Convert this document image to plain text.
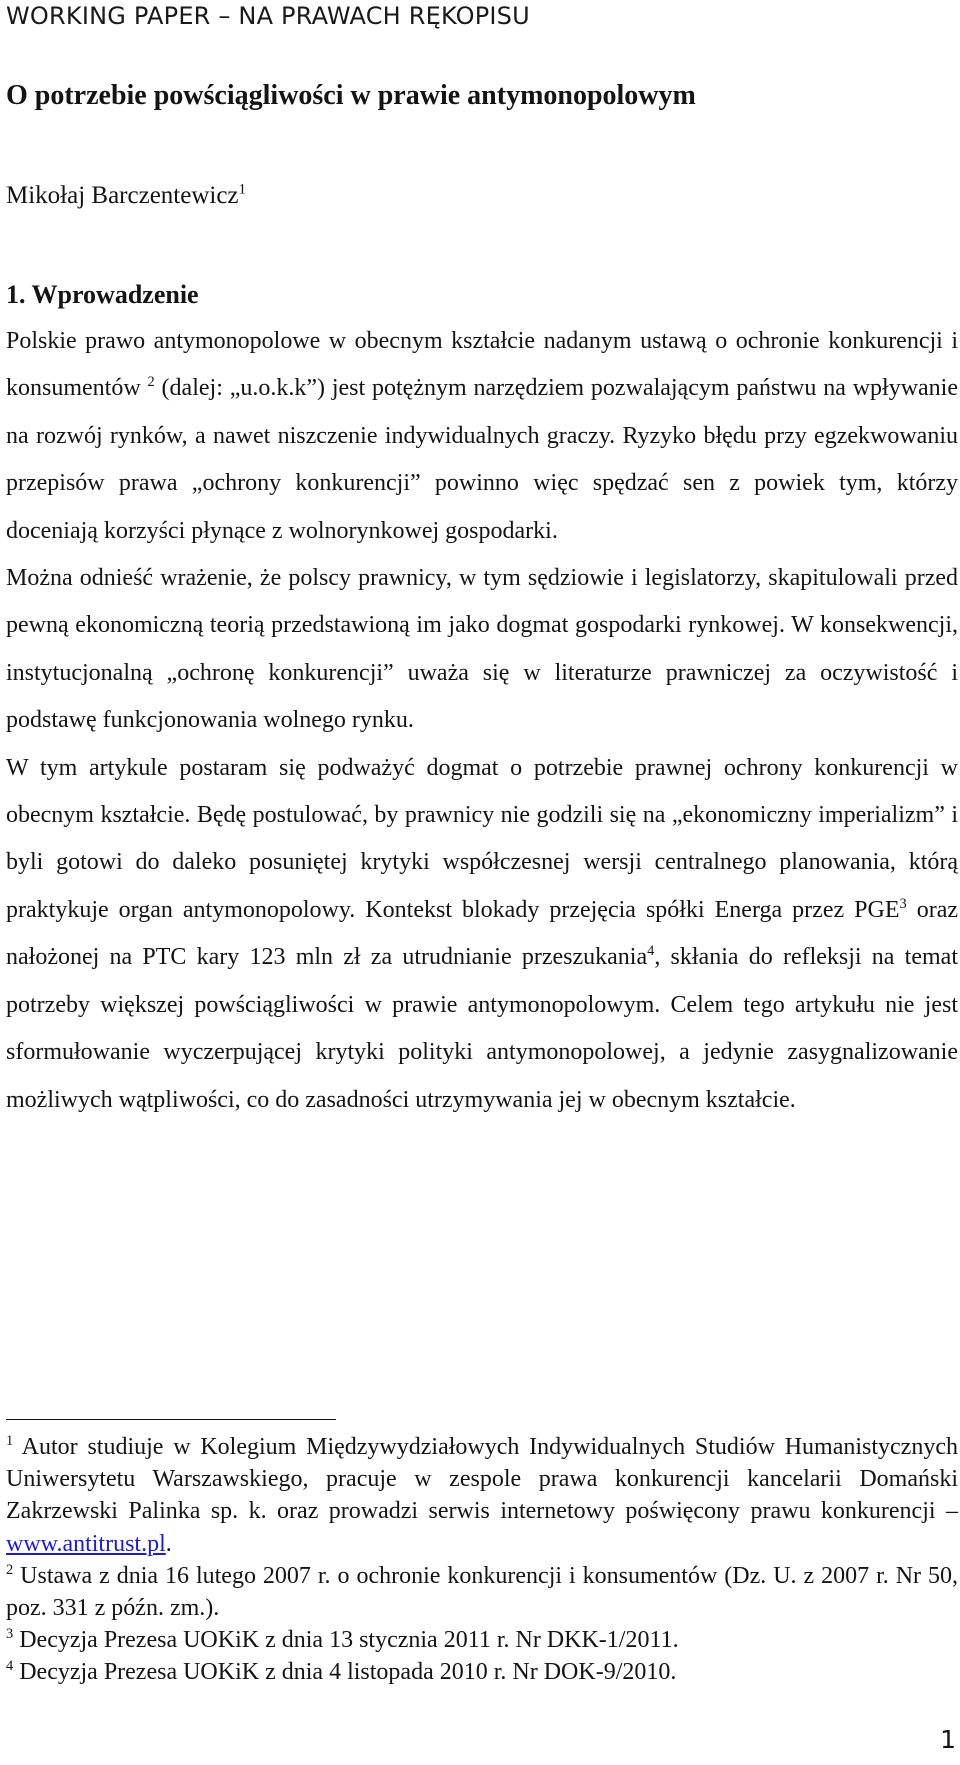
WORKING PAPER – NA PRAWACH RĘKOPISU
O potrzebie powściągliwości w prawie antymonopolowym
Mikołaj Barczentewicz$^1$
1. Wprowadzenie

Polskie prawo antymonopolowe w obecnym kształcie nadanym ustawą o ochronie konkurencji i konsumentów $^2$ (dalej: „u.o.k.k”) jest potężnym narzędziem pozwalającym państwu na wpływanie na rozwój rynków, a nawet niszczenie indywidualnych graczy. Ryzyko błędu przy egzekwowaniu przepisów prawa „ochrony konkurencji” powinno więc spędzać sen z powiek tym, którzy doceniają korzyści płynące z wolnorynkowej gospodarki.

Można odnieść wrażenie, że polscy prawnicy, w tym sędziowie i legislatorzy, skapitulowali przed pewną ekonomiczną teorią przedstawioną im jako dogmat gospodarki rynkowej. W konsekwencji, instytucjonalną „ochronę konkurencji” uważa się w literaturze prawniczej za oczywistość i podstawę funkcjonowania wolnego rynku.

W tym artykule postaram się podważyć dogmat o potrzebie prawnej ochrony konkurencji w obecnym kształcie. Będę postulować, by prawnicy nie godzili się na „ekonomiczny imperializm” i byli gotowi do daleko posuniętej krytyki współczesnej wersji centralnego planowania, którą praktykuje organ antymonopolowy. Kontekst blokady przejęcia spółki Energa przez PGE$^3$ oraz nałożonej na PTC kary 123 mln zł za utrudnianie przeszukania$^4$, skłania do refleksji na temat potrzeby większej powściągliwości w prawie antymonopolowym. Celem tego artykułu nie jest sformułowanie wyczerpującej krytyki polityki antymonopolowej, a jedynie zasygnalizowanie możliwych wątpliwości, co do zasadności utrzymywania jej w obecnym kształcie.

$^1$ Autor studiuje w Kolegium Międzywydziałowych Indywidualnych Studiów Humanistycznych Uniwersytetu Warszawskiego, pracuje w zespole prawa konkurencji kancelarii Domański Zakrzewski Palinka sp. k. oraz prowadzi serwis internetowy poświęcony prawu konkurencji – www.antitrust.pl.

$^2$ Ustawa z dnia 16 lutego 2007 r. o ochronie konkurencji i konsumentów (Dz. U. z 2007 r. Nr 50, poz. 331 z późn. zm.).

$^3$ Decyzja Prezesa UOKiK z dnia 13 stycznia 2011 r. Nr DKK-1/2011.

$^4$ Decyzja Prezesa UOKiK z dnia 4 listopada 2010 r. Nr DOK-9/2010.

1
